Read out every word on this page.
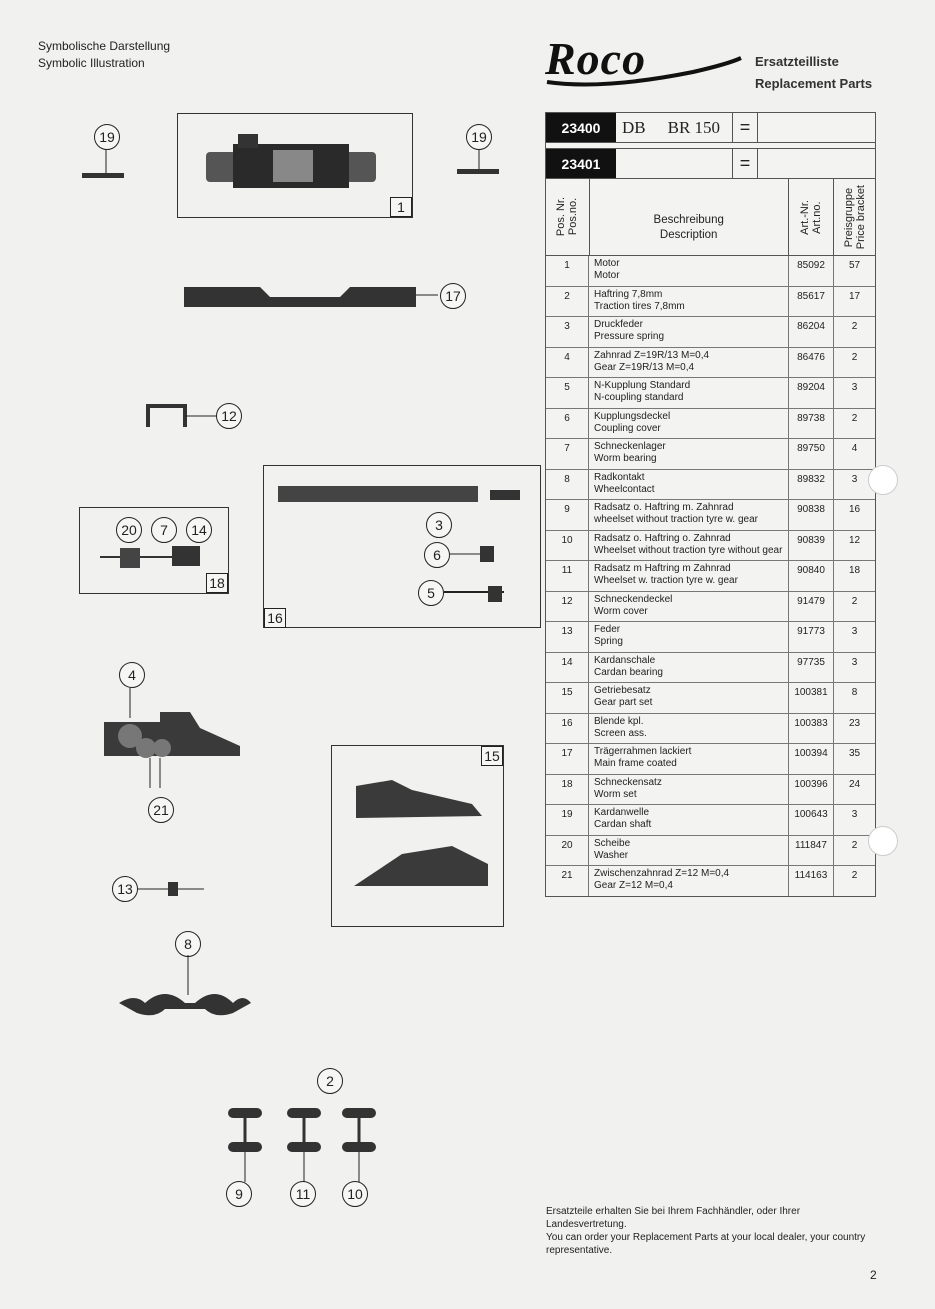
Symbolische Darstellung
Symbolic Illustration	Roco	Ersatzteilliste
Replacement Parts
23400	DB BR 150	=
23401	=
Pos. Nr.
Pos.no.	Beschreibung
Description
Art.-Nr.
Art.no. Preisgruppe
Price bracket
1	Motor
Motor
85092	57
2	Haftring 7,8mm
Traction tires 7,8mm
85617	17
3	Druckfeder
Pressure spring
86204	2
4	Zahnrad Z=19R/13 M=0,4
Gear Z=19R/13 M=0,4
86476	2
5	N-Kupplung Standard
N-coupling standard
89204	3
6	Kupplungsdeckel
Coupling cover
89738	2
7	Schneckenlager
Worm bearing
89750	4
8	Radkontakt
Wheelcontact
89832	3
9	Radsatz o. Haftring m. Zahnrad
wheelset without traction tyre w. gear
90838	16
10	Radsatz o. Haftring o. Zahnrad
Wheelset without traction tyre without gear
90839	12
11	Radsatz m Haftring m Zahnrad
Wheelset w. traction tyre w. gear
90840	18
12	Schneckendeckel
Worm cover
91479	2
13	Feder
Spring
91773	3
14	Kardanschale
Cardan bearing
97735	3
15	Getriebesatz
Gear part set
100381	8
16	Blende kpl.
Screen ass.
100383	23
17	Trägerrahmen lackiert
Main frame coated
100394	35
18	Schneckensatz
Worm set
100396	24
19	Kardanwelle
Cardan shaft
100643	3
20	Scheibe
Washer
111847	2
21	Zwischenzahnrad Z=12 M=0,4
Gear Z=12 M=0,4
114163	2
1
19	19
17
12
16
3
6
5
20	7	14
18
4
21
15
13
8
2
9	11	10
Ersatzteile erhalten Sie bei Ihrem Fachhändler, oder Ihrer Landesvertretung.
You can order your Replacement Parts at your local dealer, your country representative.
2
